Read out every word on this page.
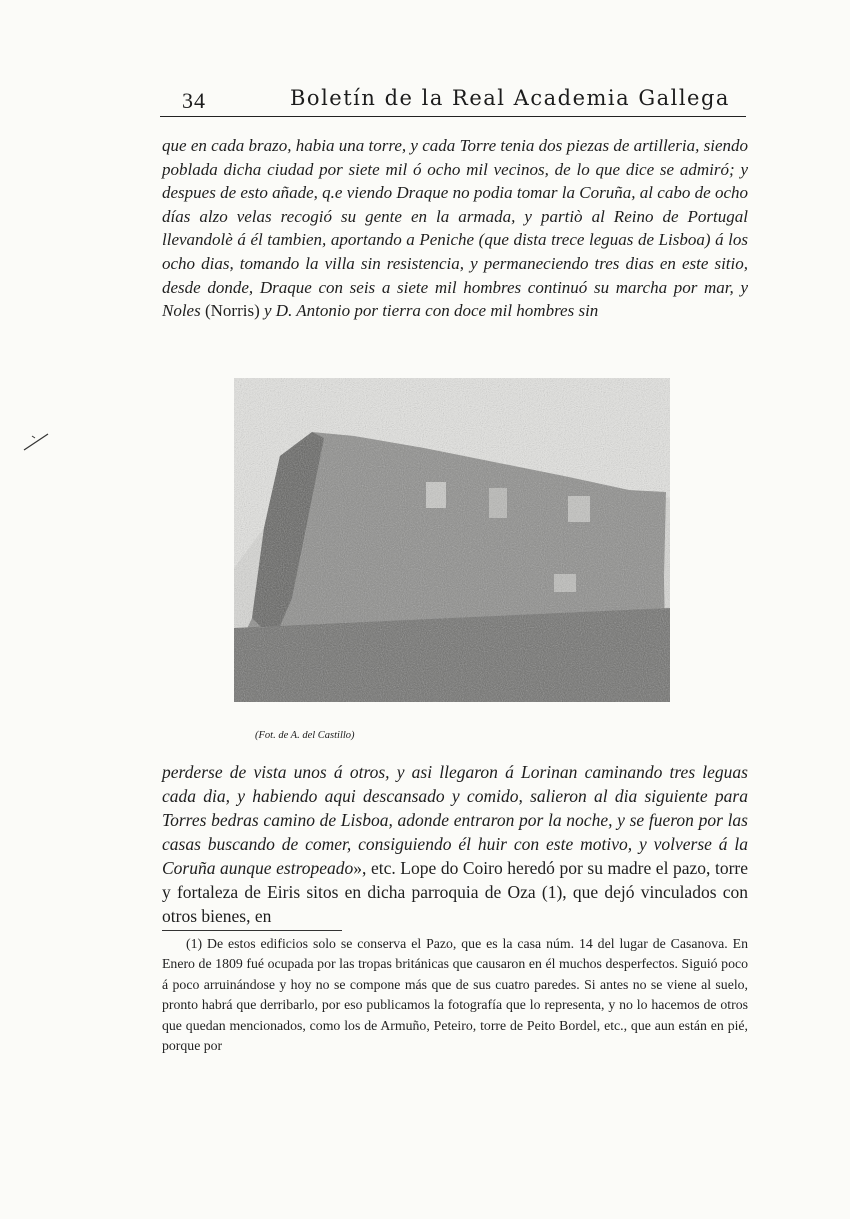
34	Boletín de la Real Academia Gallega

que en cada brazo, habia una torre, y cada Torre tenia dos piezas de artilleria, siendo poblada dicha ciudad por siete mil ó ocho mil vecinos, de lo que dice se admiró; y despues de esto añade, q.e viendo Draque no podia tomar la Coruña, al cabo de ocho días alzo velas recogió su gente en la armada, y partiò al Reino de Portugal llevandolè á él tambien, aportando a Peniche (que dista trece leguas de Lisboa) á los ocho dias, tomando la villa sin resistencia, y permaneciendo tres dias en este sitio, desde donde, Draque con seis a siete mil hombres continuó su marcha por mar, y Noles (Norris) y D. Antonio por tierra con doce mil hombres sin

(Fot. de A. del Castillo)

perderse de vista unos á otros, y asi llegaron á Lorinan caminando tres leguas cada dia, y habiendo aqui descansado y comido, salieron al dia siguiente para Torres bedras camino de Lisboa, adonde entraron por la noche, y se fueron por las casas buscando de comer, consiguiendo él huir con este motivo, y volverse á la Coruña aunque estropeado», etc. Lope do Coiro heredó por su madre el pazo, torre y fortaleza de Eiris sitos en dicha parroquia de Oza (1), que dejó vinculados con otros bienes, en

(1) De estos edificios solo se conserva el Pazo, que es la casa núm. 14 del lugar de Casanova. En Enero de 1809 fué ocupada por las tropas británicas que causaron en él muchos desperfectos. Siguió poco á poco arruinándose y hoy no se compone más que de sus cuatro paredes. Si antes no se viene al suelo, pronto habrá que derribarlo, por eso publicamos la fotografía que lo representa, y no lo hacemos de otros que quedan mencionados, como los de Armuño, Peteiro, torre de Peito Bordel, etc., que aun están en pié, porque por
